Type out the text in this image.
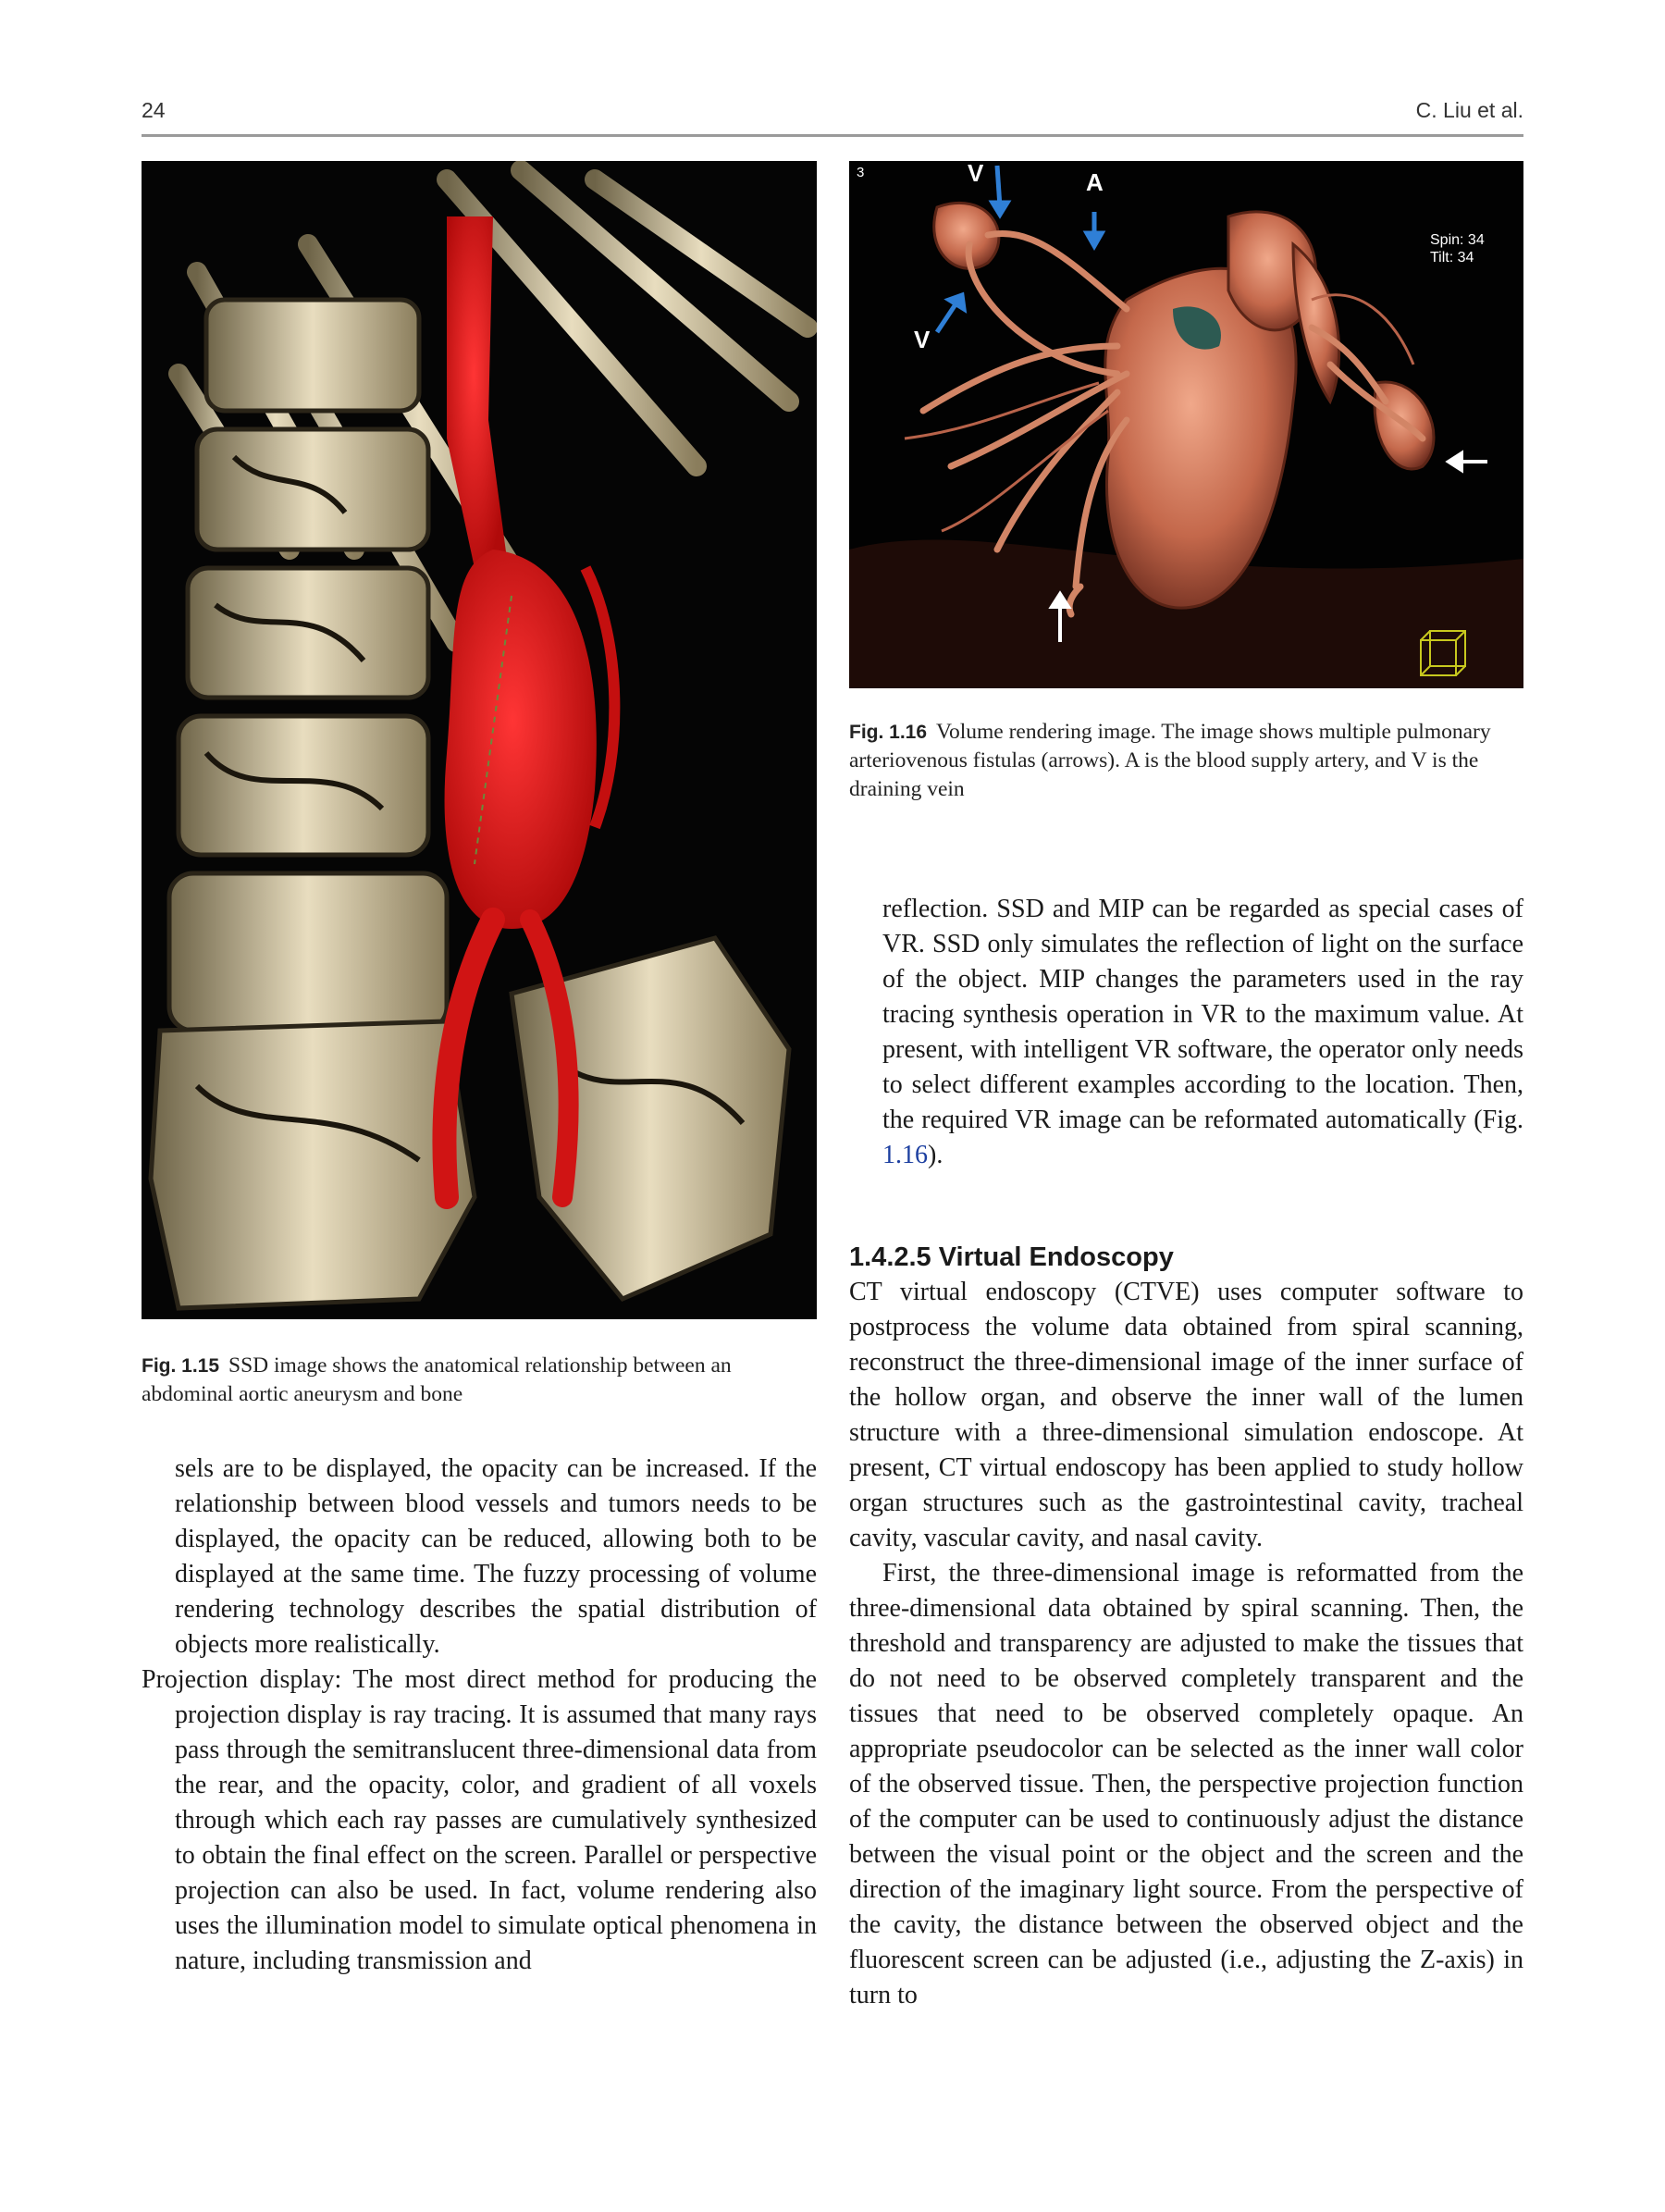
24	C. Liu et al.
3	V	A
V
Spin: 34
Tilt: 34
Fig. 1.16 Volume rendering image. The image shows multiple pulmonary arteriovenous fistulas (arrows). A is the blood supply artery, and V is the draining vein
Fig. 1.15 SSD image shows the anatomical relationship between an abdominal aortic aneurysm and bone

sels are to be displayed, the opacity can be increased. If the relationship between blood vessels and tumors needs to be displayed, the opacity can be reduced, allowing both to be displayed at the same time. The fuzzy processing of volume rendering technology describes the spatial distribution of objects more realistically.

Projection display: The most direct method for producing the projection display is ray tracing. It is assumed that many rays pass through the semitranslucent three-dimensional data from the rear, and the opacity, color, and gradient of all voxels through which each ray passes are cumulatively synthesized to obtain the final effect on the screen. Parallel or perspective projection can also be used. In fact, volume rendering also uses the illumination model to simulate optical phenomena in nature, including transmission and

reflection. SSD and MIP can be regarded as special cases of VR. SSD only simulates the reflection of light on the surface of the object. MIP changes the parameters used in the ray tracing synthesis operation in VR to the maximum value. At present, with intelligent VR software, the operator only needs to select different examples according to the location. Then, the required VR image can be reformated automatically (Fig. 1.16).

1.4.2.5 Virtual Endoscopy

CT virtual endoscopy (CTVE) uses computer software to postprocess the volume data obtained from spiral scanning, reconstruct the three-dimensional image of the inner surface of the hollow organ, and observe the inner wall of the lumen structure with a three-dimensional simulation endoscope. At present, CT virtual endoscopy has been applied to study hollow organ structures such as the gastrointestinal cavity, tracheal cavity, vascular cavity, and nasal cavity.

First, the three-dimensional image is reformatted from the three-dimensional data obtained by spiral scanning. Then, the threshold and transparency are adjusted to make the tissues that do not need to be observed completely transparent and the tissues that need to be observed completely opaque. An appropriate pseudocolor can be selected as the inner wall color of the observed tissue. Then, the perspective projection function of the computer can be used to continuously adjust the distance between the visual point or the object and the screen and the direction of the imaginary light source. From the perspective of the cavity, the distance between the observed object and the fluorescent screen can be adjusted (i.e., adjusting the Z-axis) in turn to
